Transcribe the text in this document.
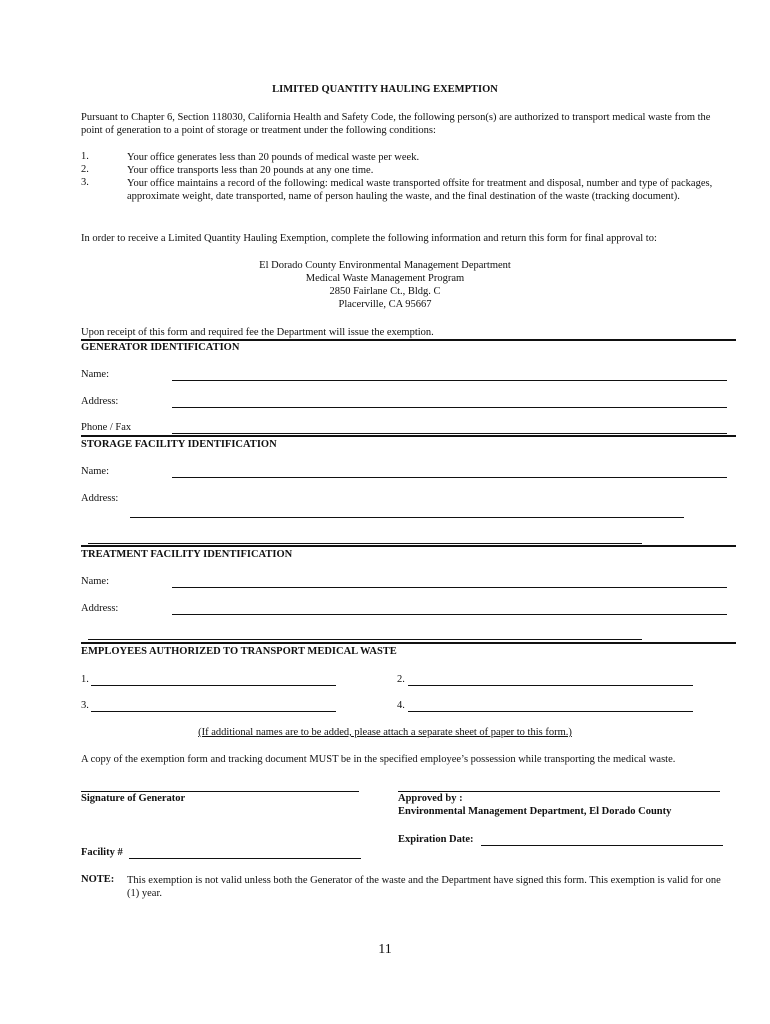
LIMITED QUANTITY HAULING EXEMPTION
Pursuant to Chapter 6, Section 118030, California Health and Safety Code, the following person(s) are authorized to transport medical waste from the point of generation to a point of storage or treatment under the following conditions:
1.	Your office generates less than 20 pounds of medical waste per week.
2.	Your office transports less than 20 pounds at any one time.
3.	Your office maintains a record of the following: medical waste transported offsite for treatment and disposal, number and type of packages, approximate weight, date transported, name of person hauling the waste, and the final destination of the waste (tracking document).
In order to receive a Limited Quantity Hauling Exemption, complete the following information and return this form for final approval to:
El Dorado County Environmental Management Department
Medical Waste Management Program
2850 Fairlane Ct., Bldg. C
Placerville, CA 95667
Upon receipt of this form and required fee the Department will issue the exemption.
GENERATOR IDENTIFICATION
Name:
Address:
Phone / Fax
STORAGE FACILITY IDENTIFICATION
Name:
Address:
TREATMENT FACILITY IDENTIFICATION
Name:
Address:
EMPLOYEES AUTHORIZED TO TRANSPORT MEDICAL WASTE
1.	2.
3.	4.
(If additional names are to be added, please attach a separate sheet of paper to this form.)
A copy of the exemption form and tracking document MUST be in the specified employee’s possession while transporting the medical waste.
Signature of Generator	Approved by :
Environmental Management Department, El Dorado County
Expiration Date:
Facility #
NOTE: This exemption is not valid unless both the Generator of the waste and the Department have signed this form. This exemption is valid for one (1) year.
11
